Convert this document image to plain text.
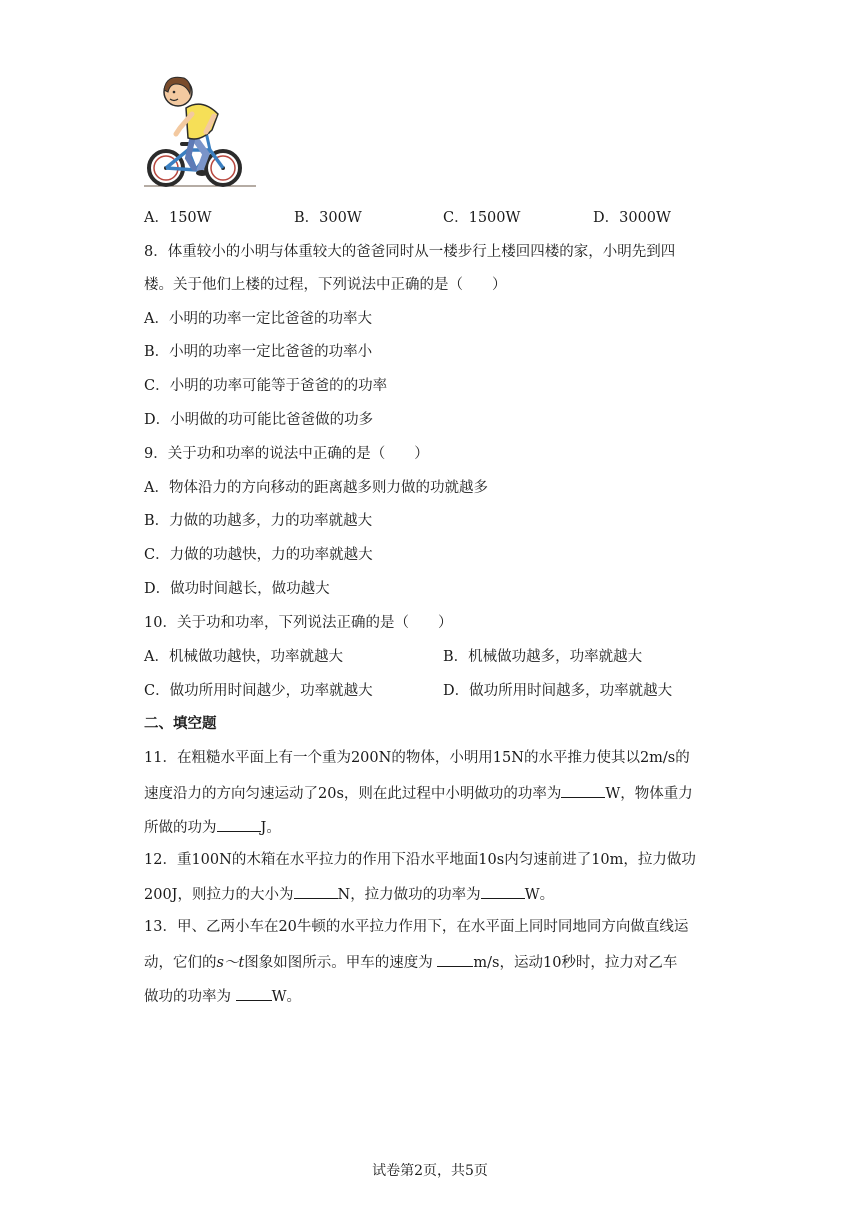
A．150W	B．300W	C．1500W	D．3000W
8．体重较小的小明与体重较大的爸爸同时从一楼步行上楼回四楼的家，小明先到四
楼。关于他们上楼的过程，下列说法中正确的是（　　）
A．小明的功率一定比爸爸的功率大
B．小明的功率一定比爸爸的功率小
C．小明的功率可能等于爸爸的的功率
D．小明做的功可能比爸爸做的功多
9．关于功和功率的说法中正确的是（　　）
A．物体沿力的方向移动的距离越多则力做的功就越多
B．力做的功越多，力的功率就越大
C．力做的功越快，力的功率就越大
D．做功时间越长，做功越大
10．关于功和功率，下列说法正确的是（　　）
A．机械做功越快，功率就越大	B．机械做功越多，功率就越大
C．做功所用时间越少，功率就越大	D．做功所用时间越多，功率就越大
二、填空题
11．在粗糙水平面上有一个重为200N的物体，小明用15N的水平推力使其以2m/s的
速度沿力的方向匀速运动了20s，则在此过程中小明做功的功率为	W，物体重力
所做的功为	J。
12．重100N的木箱在水平拉力的作用下沿水平地面10s内匀速前进了10m，拉力做功
200J，则拉力的大小为	N，拉力做功的功率为	W。
13．甲、乙两小车在20牛顿的水平拉力作用下，在水平面上同时同地同方向做直线运
动，它们的s～t图象如图所示。甲车的速度为 m/s，运动10秒时，拉力对乙车
做功的功率为 W。
试卷第2页，共5页
